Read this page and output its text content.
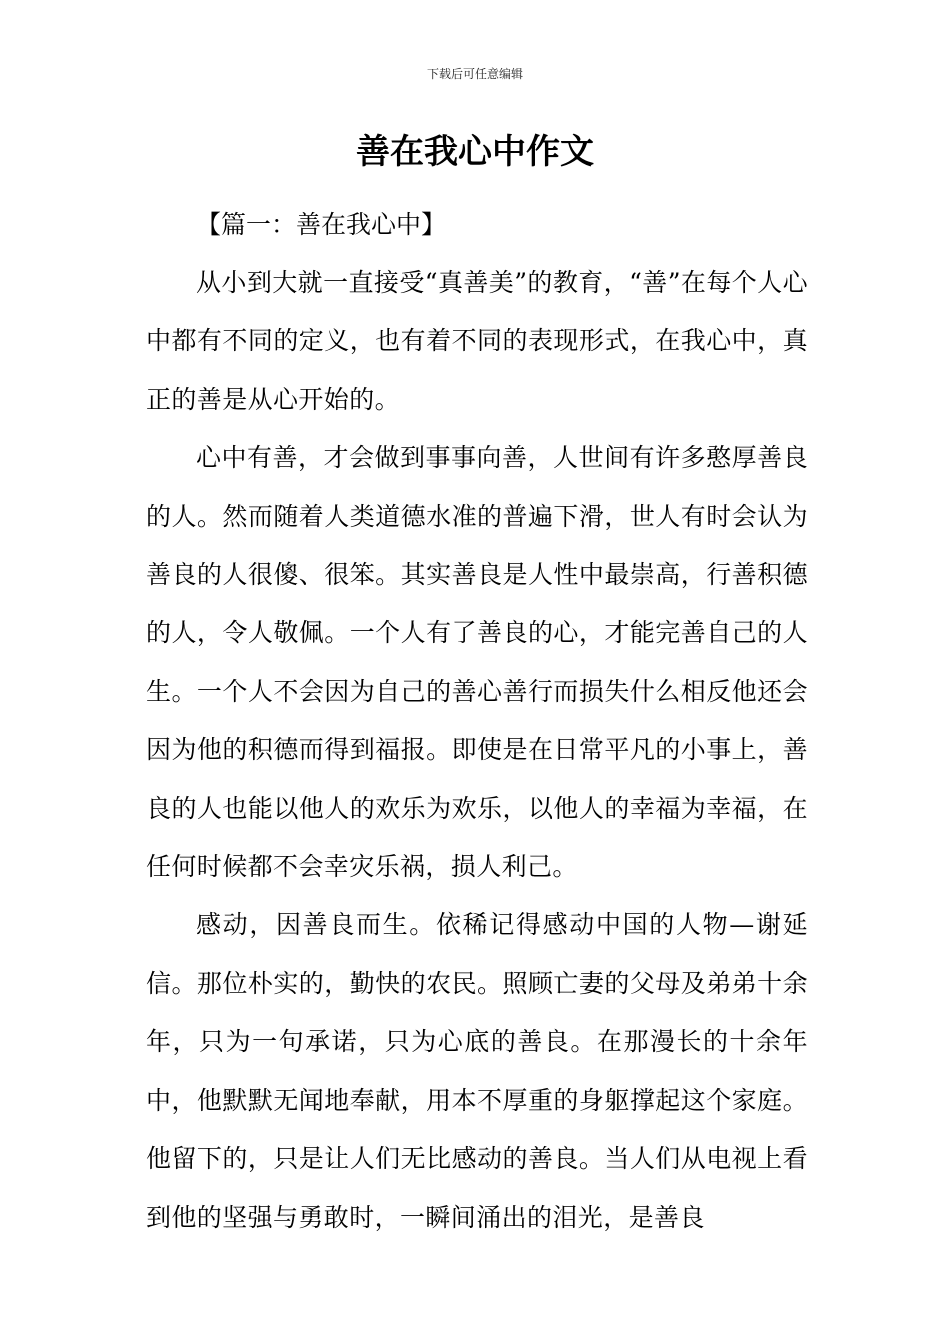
下载后可任意编辑
善在我心中作文

【篇一：善在我心中】

从小到大就一直接受“真善美”的教育，“善”在每个人心中都有不同的定义，也有着不同的表现形式，在我心中，真正的善是从心开始的。

心中有善，才会做到事事向善，人世间有许多憨厚善良的人。然而随着人类道德水准的普遍下滑，世人有时会认为善良的人很傻、很笨。其实善良是人性中最崇高，行善积德的人，令人敬佩。一个人有了善良的心，才能完善自己的人生。一个人不会因为自己的善心善行而损失什么相反他还会因为他的积德而得到福报。即使是在日常平凡的小事上，善良的人也能以他人的欢乐为欢乐，以他人的幸福为幸福，在任何时候都不会幸灾乐祸，损人利己。

感动，因善良而生。依稀记得感动中国的人物—谢延信。那位朴实的，勤快的农民。照顾亡妻的父母及弟弟十余年，只为一句承诺，只为心底的善良。在那漫长的十余年中，他默默无闻地奉献，用本不厚重的身躯撑起这个家庭。他留下的，只是让人们无比感动的善良。当人们从电视上看到他的坚强与勇敢时，一瞬间涌出的泪光，是善良
